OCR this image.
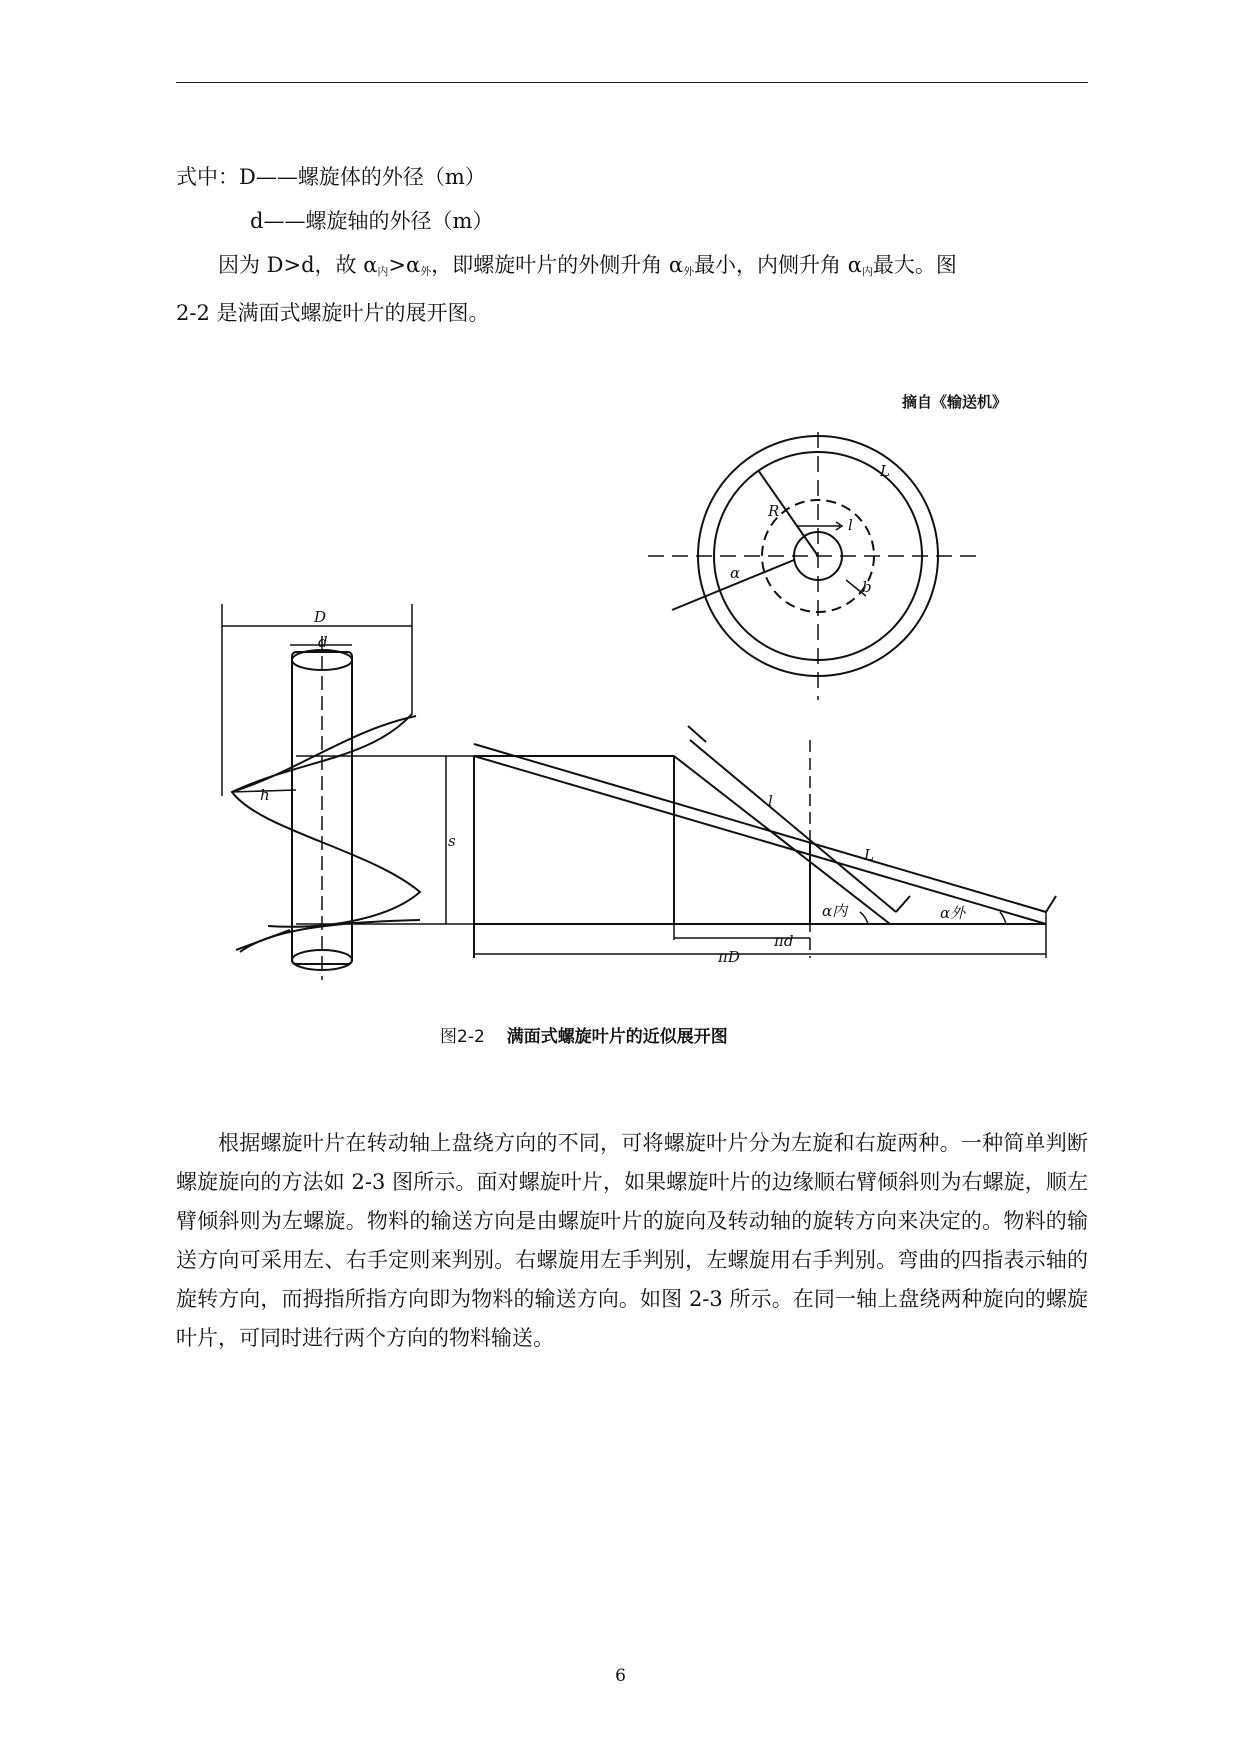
式中：D——螺旋体的外径（m）
d——螺旋轴的外径（m）
因为 D>d，故 $\alpha_内>\alpha_外$，即螺旋叶片的外侧升角 $\alpha_外$最小，内侧升角 $\alpha_内$最大。图
2-2 是满面式螺旋叶片的展开图。
摘自《输送机》
L
R
l
α
b
D
d
h
s
l
L
α内	α外
πd
πD
图2-2 满面式螺旋叶片的近似展开图
根据螺旋叶片在转动轴上盘绕方向的不同，可将螺旋叶片分为左旋和右旋两种。一种简单判断螺旋旋向的方法如 2-3 图所示。面对螺旋叶片，如果螺旋叶片的边缘顺右臂倾斜则为右螺旋，顺左臂倾斜则为左螺旋。物料的输送方向是由螺旋叶片的旋向及转动轴的旋转方向来决定的。物料的输送方向可采用左、右手定则来判别。右螺旋用左手判别，左螺旋用右手判别。弯曲的四指表示轴的旋转方向，而拇指所指方向即为物料的输送方向。如图 2-3 所示。在同一轴上盘绕两种旋向的螺旋叶片，可同时进行两个方向的物料输送。
6
